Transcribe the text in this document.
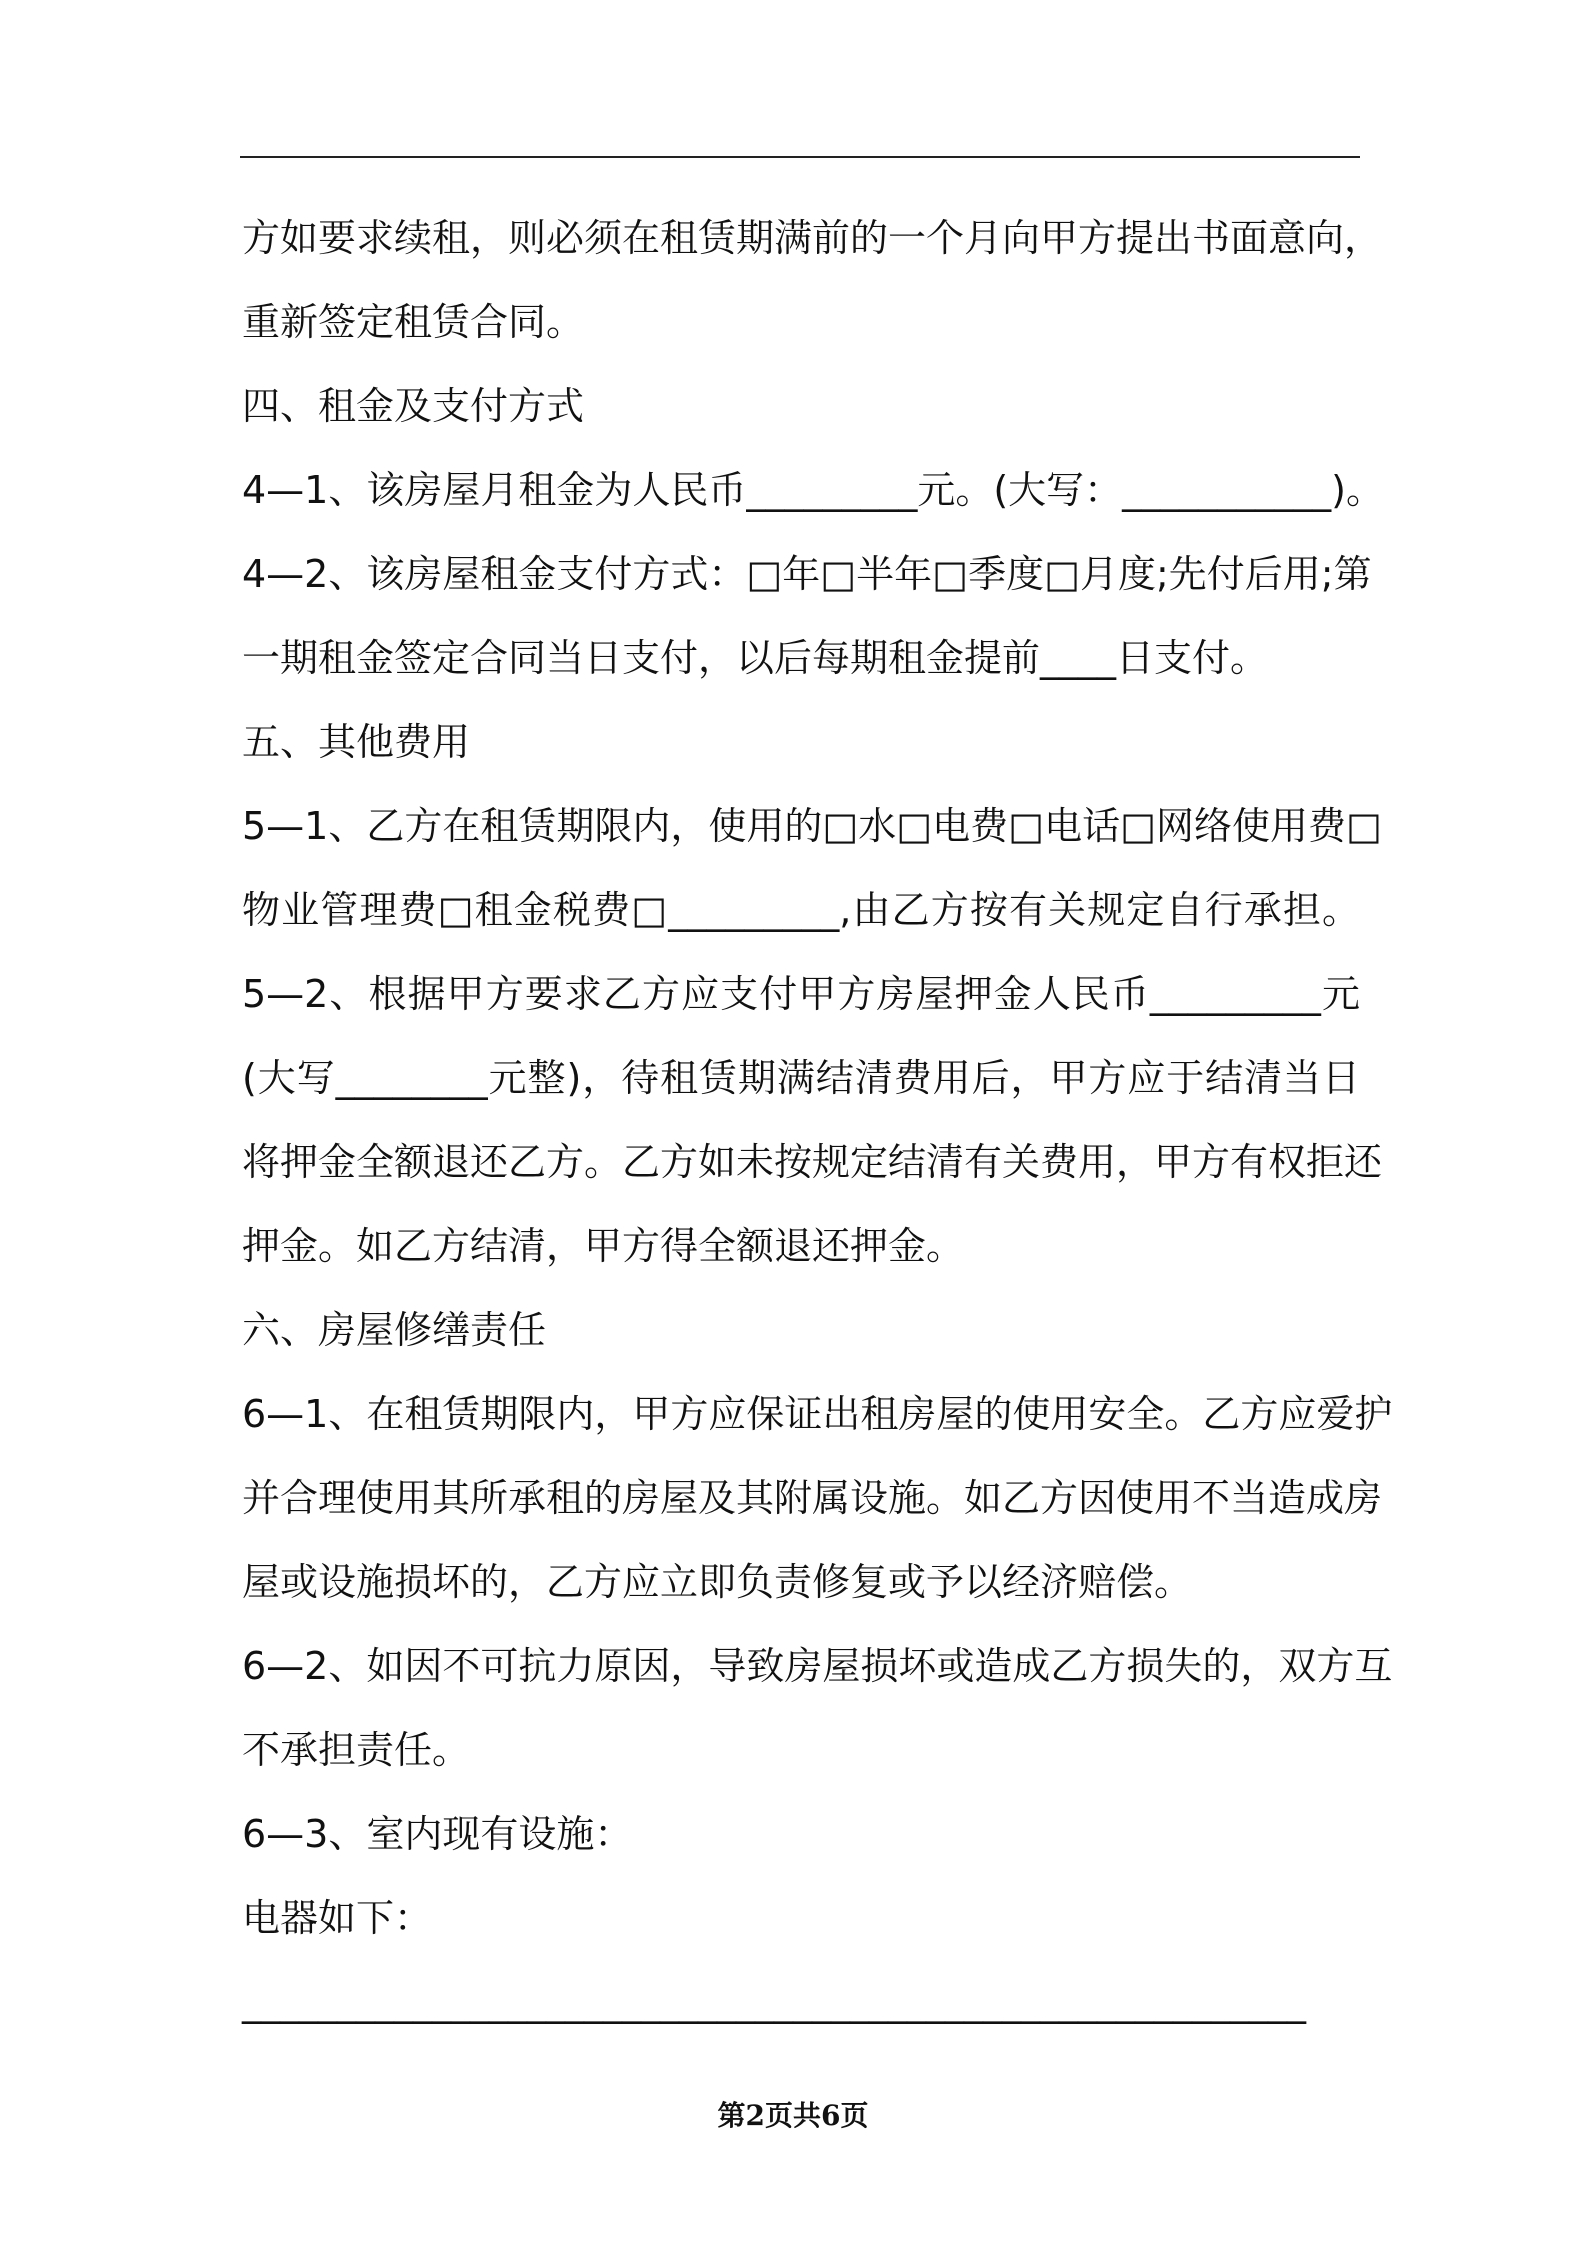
方如要求续租，则必须在租赁期满前的一个月向甲方提出书面意向，
重新签定租赁合同。
四、租金及支付方式
4—1、该房屋月租金为人民币_________元。(大写：___________)。
4—2、该房屋租金支付方式：□年□半年□季度□月度;先付后用;第
一期租金签定合同当日支付，以后每期租金提前____日支付。
五、其他费用
5—1、乙方在租赁期限内，使用的□水□电费□电话□网络使用费□
物业管理费□租金税费□_________,由乙方按有关规定自行承担。
5—2、根据甲方要求乙方应支付甲方房屋押金人民币_________元
(大写________元整)，待租赁期满结清费用后，甲方应于结清当日
将押金全额退还乙方。乙方如未按规定结清有关费用，甲方有权拒还
押金。如乙方结清，甲方得全额退还押金。
六、房屋修缮责任
6—1、在租赁期限内，甲方应保证出租房屋的使用安全。乙方应爱护
并合理使用其所承租的房屋及其附属设施。如乙方因使用不当造成房
屋或设施损坏的，乙方应立即负责修复或予以经济赔偿。
6—2、如因不可抗力原因，导致房屋损坏或造成乙方损失的，双方互
不承担责任。
6—3、室内现有设施：
电器如下：
________________________________________________________
第2页共6页
